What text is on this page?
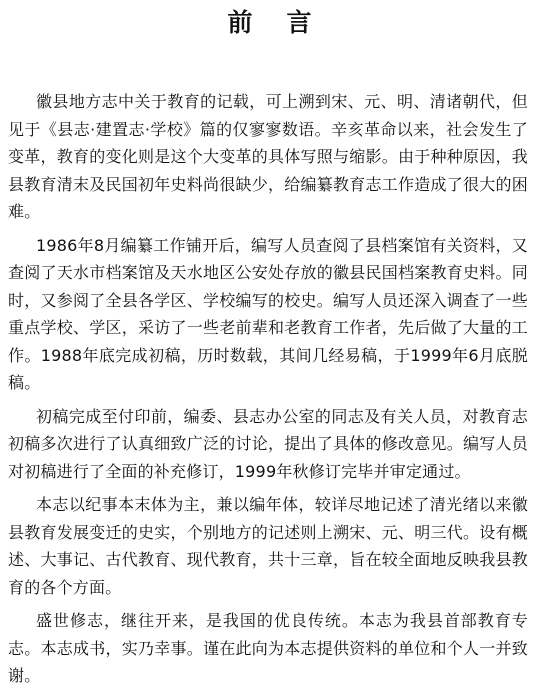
前言

徽县地方志中关于教育的记载，可上溯到宋、元、明、清诸朝代，但见于《县志·建置志·学校》篇的仅寥寥数语。辛亥革命以来，社会发生了变革，教育的变化则是这个大变革的具体写照与缩影。由于种种原因，我县教育清末及民国初年史料尚很缺少，给编纂教育志工作造成了很大的困难。

1986年8月编纂工作铺开后，编写人员查阅了县档案馆有关资料，又查阅了天水市档案馆及天水地区公安处存放的徽县民国档案教育史料。同时，又参阅了全县各学区、学校编写的校史。编写人员还深入调查了一些重点学校、学区，采访了一些老前辈和老教育工作者，先后做了大量的工作。1988年底完成初稿，历时数载，其间几经易稿，于1999年6月底脱稿。

初稿完成至付印前，编委、县志办公室的同志及有关人员，对教育志初稿多次进行了认真细致广泛的讨论，提出了具体的修改意见。编写人员对初稿进行了全面的补充修订，1999年秋修订完毕并审定通过。

本志以纪事本末体为主，兼以编年体，较详尽地记述了清光绪以来徽县教育发展变迁的史实，个别地方的记述则上溯宋、元、明三代。设有概述、大事记、古代教育、现代教育，共十三章，旨在较全面地反映我县教育的各个方面。

盛世修志，继往开来，是我国的优良传统。本志为我县首部教育专志。本志成书，实乃幸事。谨在此向为本志提供资料的单位和个人一并致谢。
